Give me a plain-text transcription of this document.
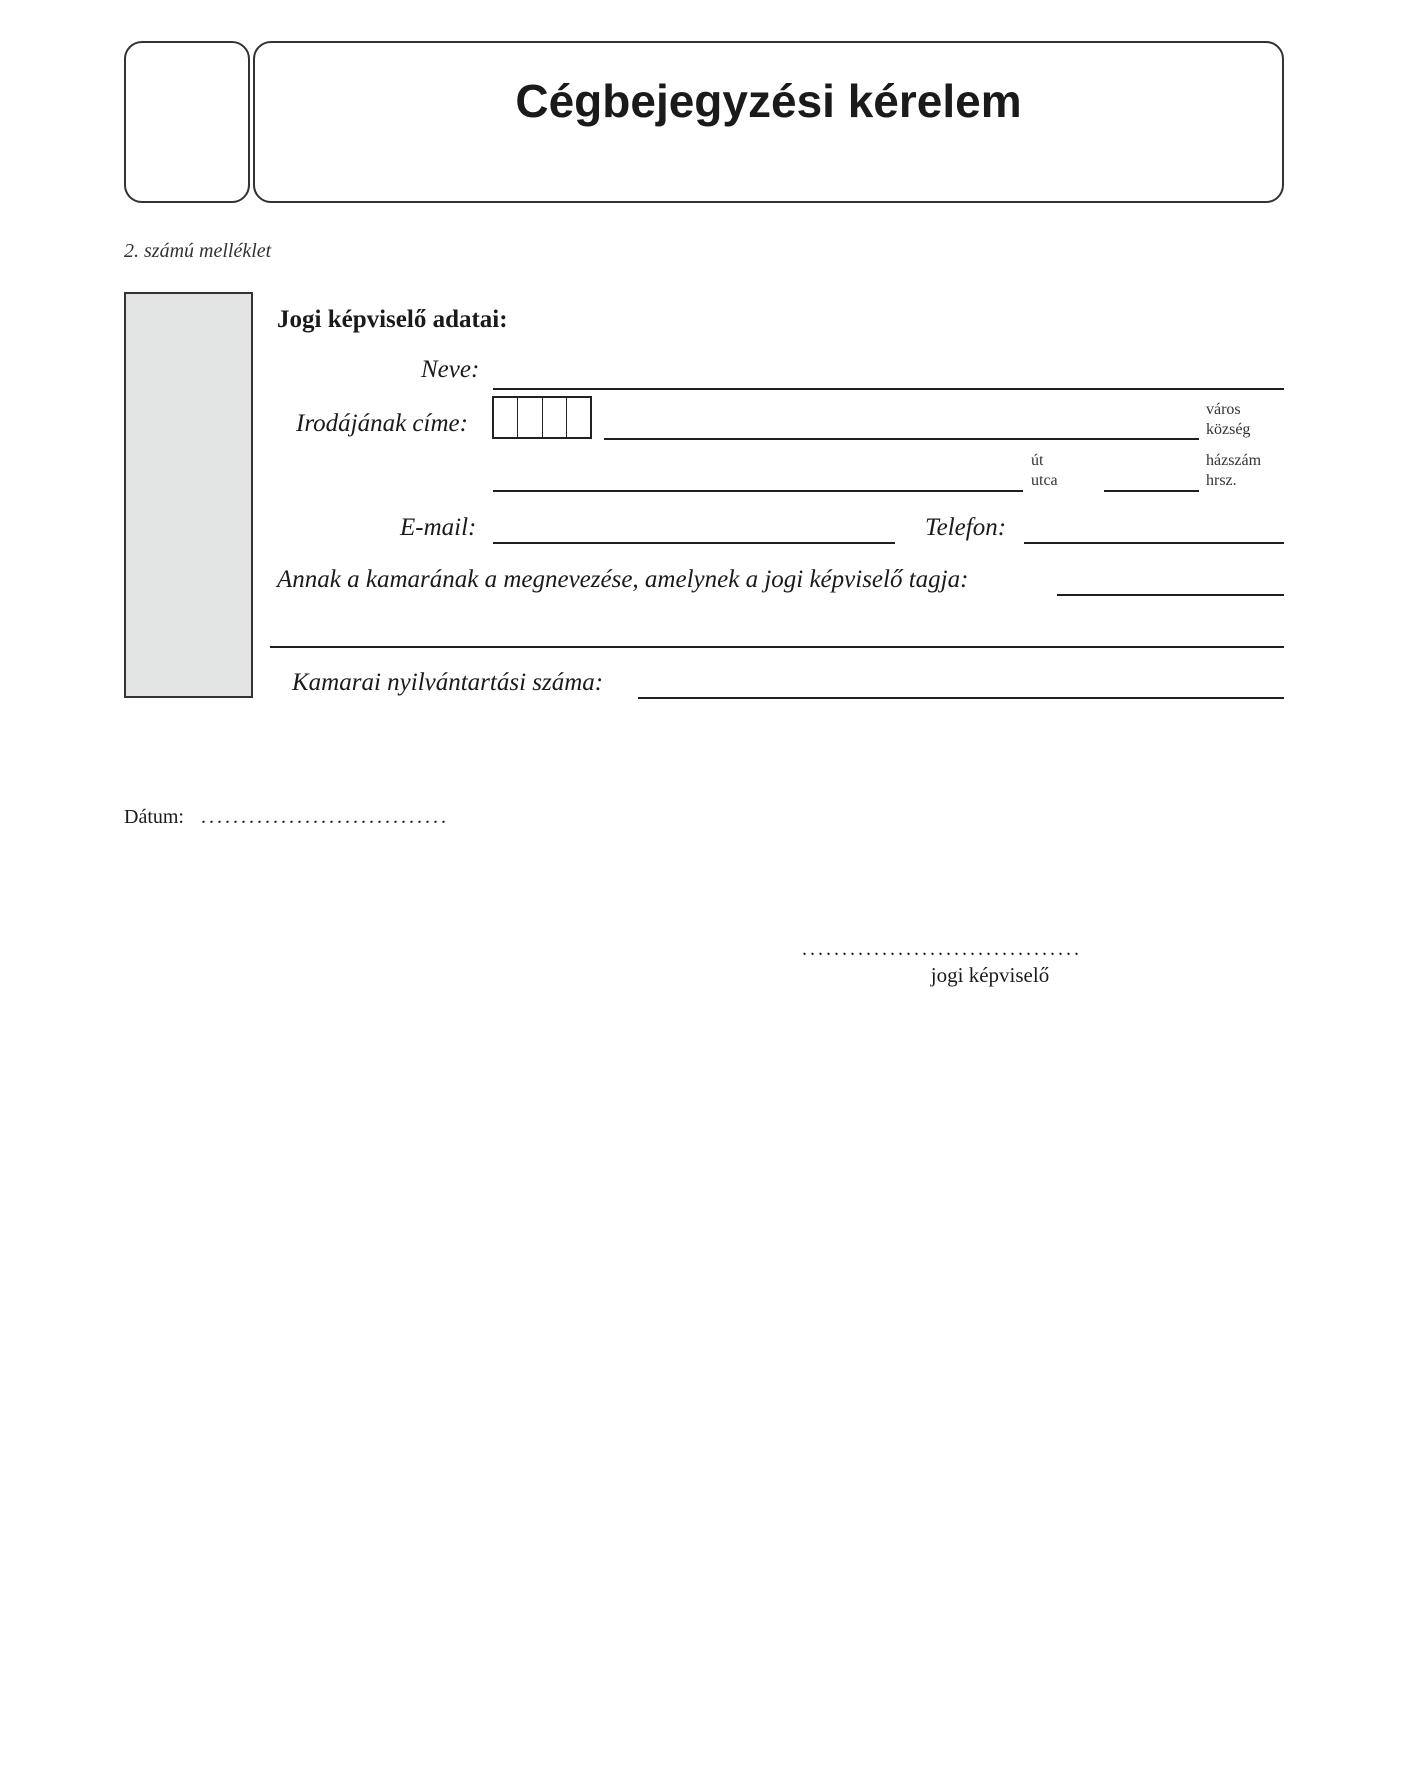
Cégbejegyzési kérelem
2. számú melléklet
Jogi képviselő adatai:
Neve:
Irodájának címe:
város
község
út
utca
házszám
hrsz.
E-mail:	Telefon:
Annak a kamarának a megnevezése, amelynek a jogi képviselő tagja:
Kamarai nyilvántartási száma:
Dátum: ...............................
...................................
jogi képviselő
